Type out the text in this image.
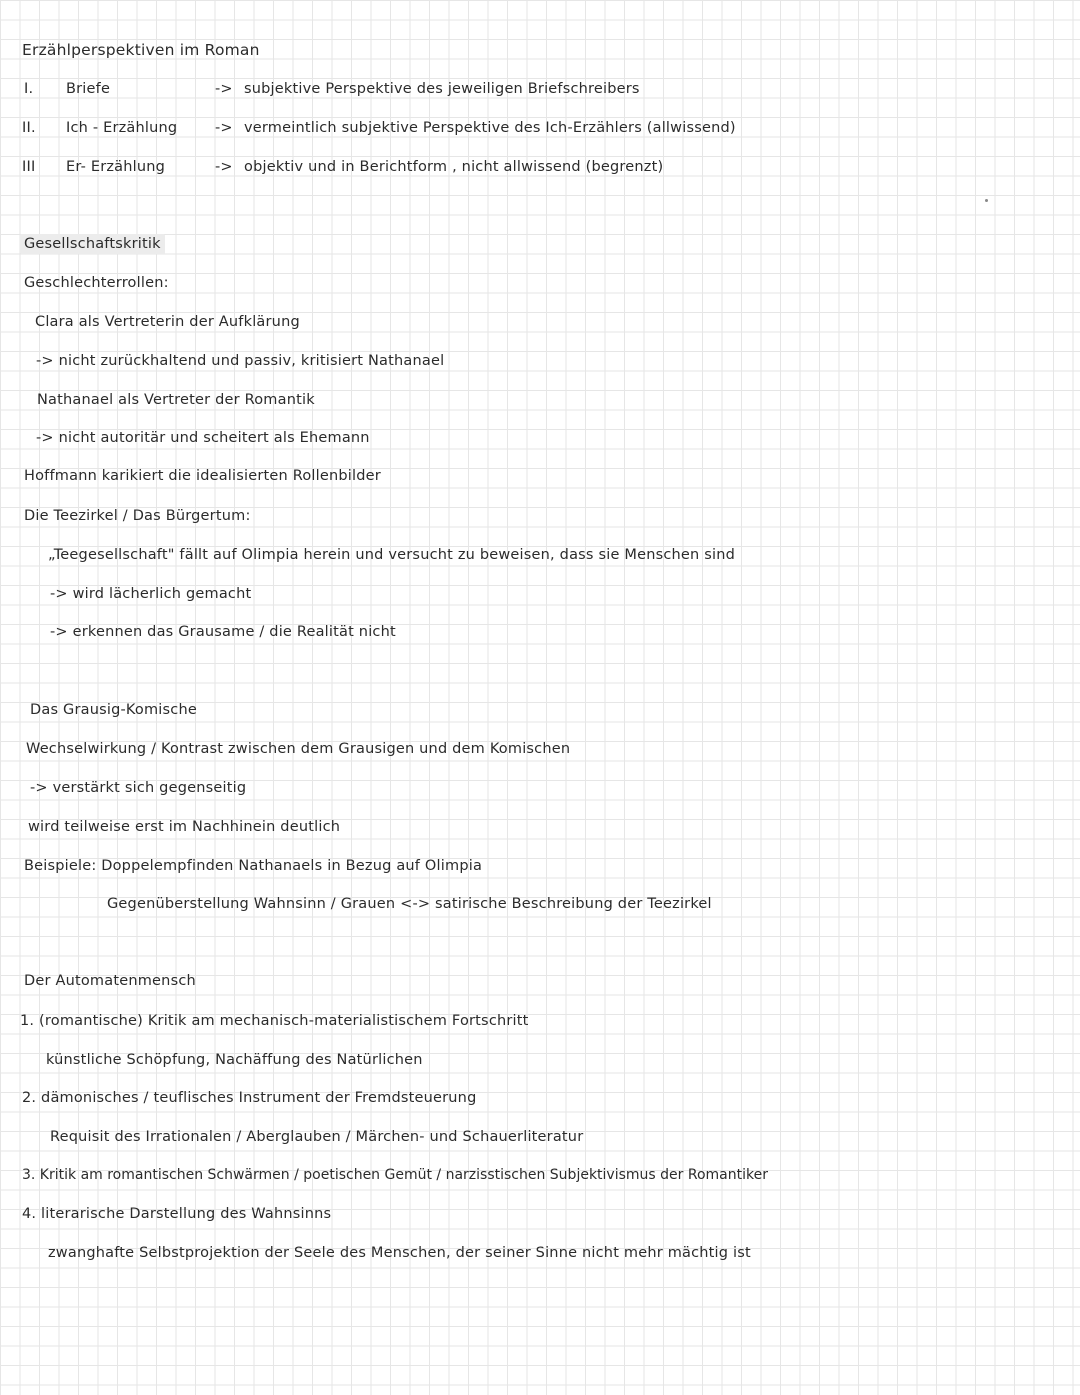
Erzählperspektiven im Roman
I. Briefe	-> subjektive Perspektive des jeweiligen Briefschreibers
II. Ich - Erzählung	-> vermeintlich subjektive Perspektive des Ich-Erzählers (allwissend)
III Er- Erzählung	-> objektiv und in Berichtform , nicht allwissend (begrenzt)
Gesellschaftskritik
Geschlechterrollen:
Clara als Vertreterin der Aufklärung
-> nicht zurückhaltend und passiv, kritisiert Nathanael
Nathanael als Vertreter der Romantik
-> nicht autoritär und scheitert als Ehemann
Hoffmann karikiert die idealisierten Rollenbilder
Die Teezirkel / Das Bürgertum:
„Teegesellschaft" fällt auf Olimpia herein und versucht zu beweisen, dass sie Menschen sind
-> wird lächerlich gemacht
-> erkennen das Grausame / die Realität nicht
Das Grausig-Komische
Wechselwirkung / Kontrast zwischen dem Grausigen und dem Komischen
-> verstärkt sich gegenseitig
wird teilweise erst im Nachhinein deutlich
Beispiele: Doppelempfinden Nathanaels in Bezug auf Olimpia
Gegenüberstellung Wahnsinn / Grauen <-> satirische Beschreibung der Teezirkel
Der Automatenmensch
1. (romantische) Kritik am mechanisch-materialistischem Fortschritt
künstliche Schöpfung, Nachäffung des Natürlichen
2. dämonisches / teuflisches Instrument der Fremdsteuerung
Requisit des Irrationalen / Aberglauben / Märchen- und Schauerliteratur
3. Kritik am romantischen Schwärmen / poetischen Gemüt / narzisstischen Subjektivismus der Romantiker
4. literarische Darstellung des Wahnsinns
zwanghafte Selbstprojektion der Seele des Menschen, der seiner Sinne nicht mehr mächtig ist
